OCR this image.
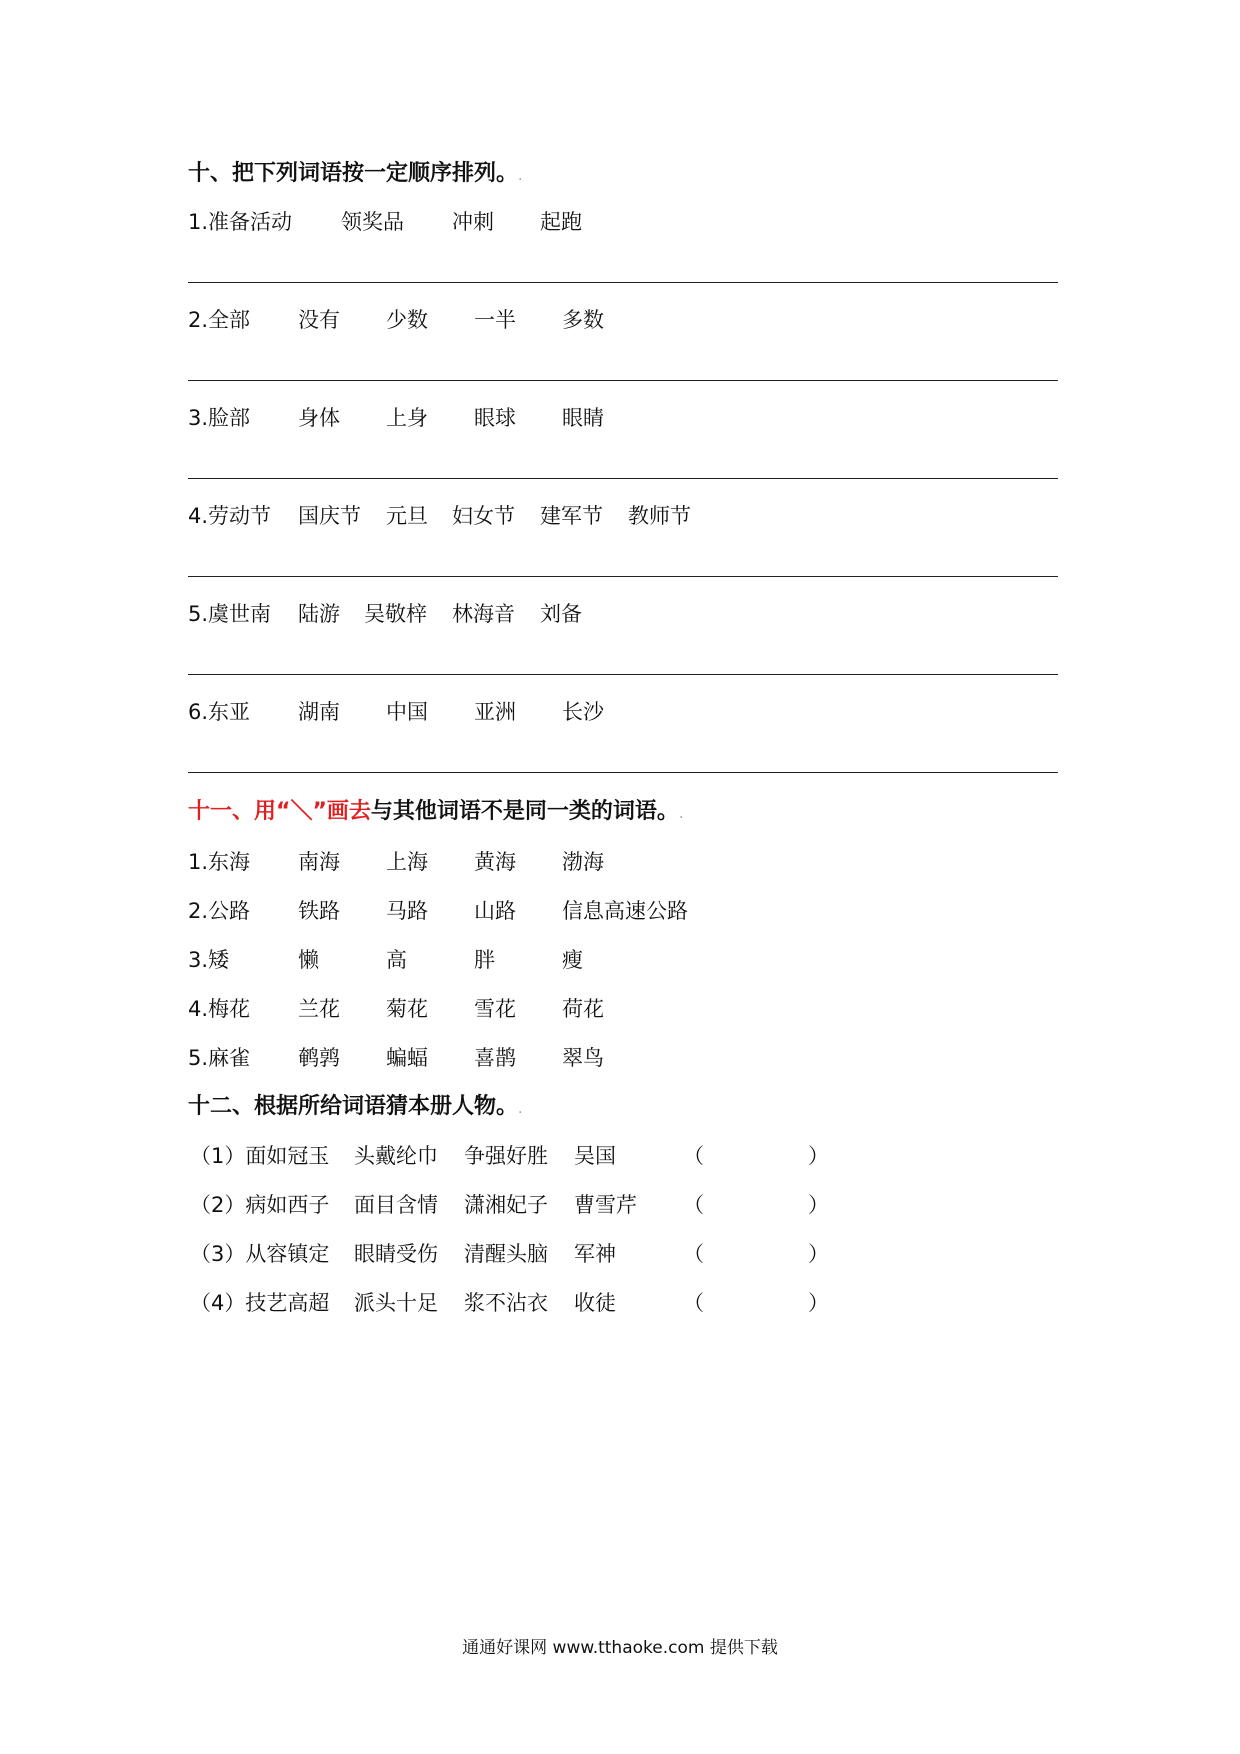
十、把下列词语按一定顺序排列。.
1.准备活动 领奖品 冲刺 起跑
2.全部 没有 少数 一半 多数
3.脸部 身体 上身 眼球 眼睛
4.劳动节 国庆节 元旦 妇女节 建军节 教师节
5.虞世南 陆游 吴敬梓 林海音 刘备
6.东亚 湖南 中国 亚洲 长沙
十一、用“＼”画去与其他词语不是同一类的词语。.
1.东海 南海 上海 黄海 渤海
2.公路 铁路 马路 山路 信息高速公路
3.矮	懒	高	胖	瘦
4.梅花 兰花 菊花 雪花 荷花
5.麻雀 鹌鹑 蝙蝠 喜鹊 翠鸟
十二、根据所给词语猜本册人物。.
（1）面如冠玉 头戴纶巾 争强好胜 吴国	（	）
（2）病如西子 面目含情 潇湘妃子 曹雪芹 （	）
（3）从容镇定 眼睛受伤 清醒头脑 军神	（	）
（4）技艺高超 派头十足 浆不沾衣 收徒	（	）
通通好课网 www.tthaoke.com 提供下载
